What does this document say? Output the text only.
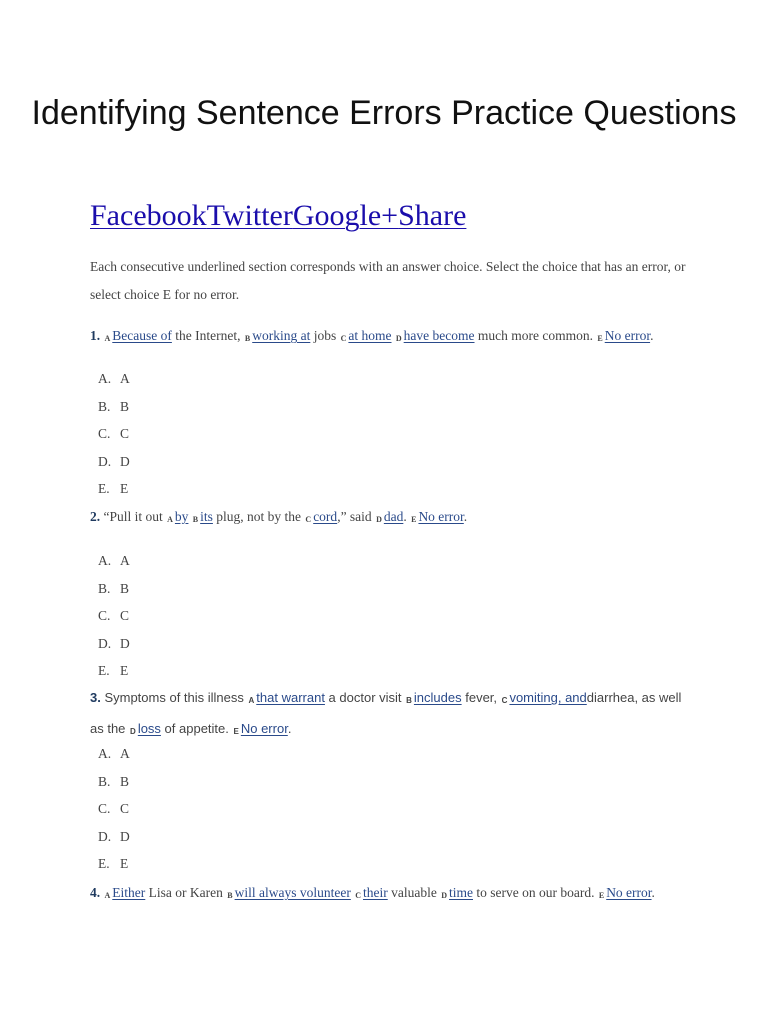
Identifying Sentence Errors Practice Questions
FacebookTwitterGoogle+Share

Each consecutive underlined section corresponds with an answer choice. Select the choice that has an error, or select choice E for no error.

1. A Because of the Internet, B working at jobs C at home D have become much more common. E No error.

A. A
B. B
C. C
D. D
E. E

2. “Pull it out A by B its plug, not by the C cord,” said D dad. E No error.

A. A
B. B
C. C
D. D
E. E

3. Symptoms of this illness A that warrant a doctor visit B includes fever, C vomiting, anddiarrhea, as well as the D loss of appetite. E No error.

A. A
B. B
C. C
D. D
E. E

4. A Either Lisa or Karen B will always volunteer C their valuable D time to serve on our board. E No error.
